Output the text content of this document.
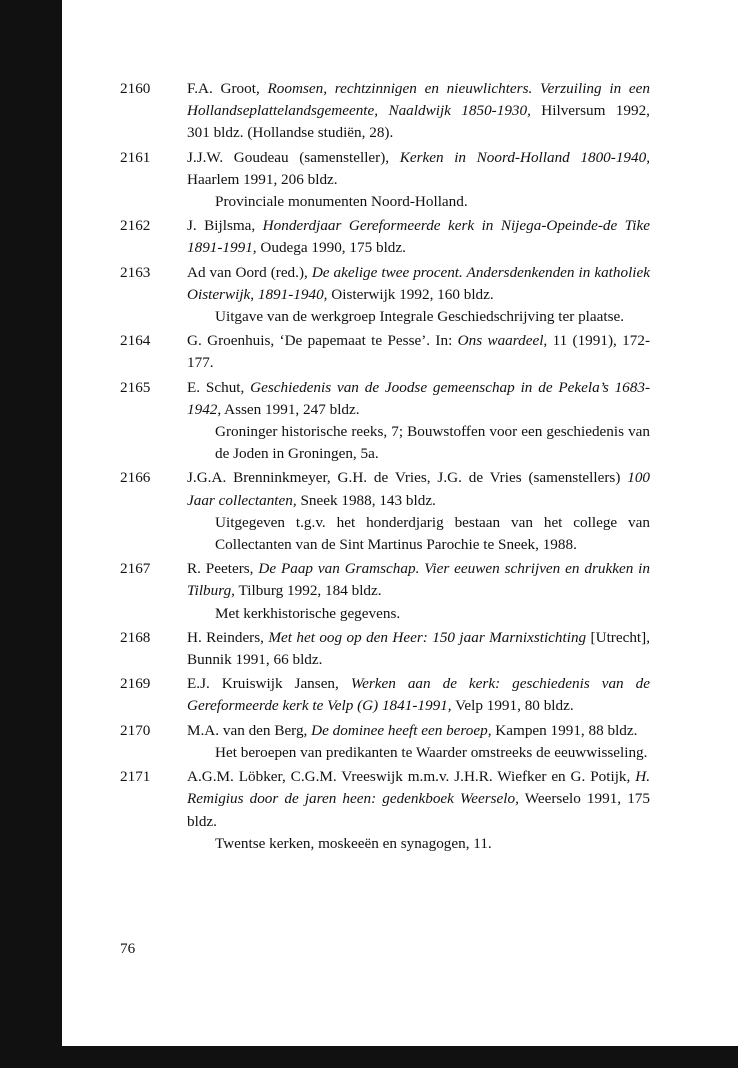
2160 F.A. Groot, Roomsen, rechtzinnigen en nieuwlichters. Verzuiling in een Hollandseplattelandsgemeente, Naaldwijk 1850-1930, Hilversum 1992, 301 bldz. (Hollandse studiën, 28).
2161 J.J.W. Goudeau (samensteller), Kerken in Noord-Holland 1800-1940, Haarlem 1991, 206 bldz.
Provinciale monumenten Noord-Holland.
2162 J. Bijlsma, Honderdjaar Gereformeerde kerk in Nijega-Opeinde-de Tike 1891-1991, Oudega 1990, 175 bldz.
2163 Ad van Oord (red.), De akelige twee procent. Andersdenkenden in katholiek Oisterwijk, 1891-1940, Oisterwijk 1992, 160 bldz.
Uitgave van de werkgroep Integrale Geschiedschrijving ter plaatse.
2164 G. Groenhuis, ‘De papemaat te Pesse’. In: Ons waardeel, 11 (1991), 172-177.
2165 E. Schut, Geschiedenis van de Joodse gemeenschap in de Pekela’s 1683-1942, Assen 1991, 247 bldz.
Groninger historische reeks, 7; Bouwstoffen voor een geschiedenis van de Joden in Groningen, 5a.
2166 J.G.A. Brenninkmeyer, G.H. de Vries, J.G. de Vries (samenstellers) 100 Jaar collectanten, Sneek 1988, 143 bldz.
Uitgegeven t.g.v. het honderdjarig bestaan van het college van Collectanten van de Sint Martinus Parochie te Sneek, 1988.
2167 R. Peeters, De Paap van Gramschap. Vier eeuwen schrijven en drukken in Tilburg, Tilburg 1992, 184 bldz.
Met kerkhistorische gegevens.
2168 H. Reinders, Met het oog op den Heer: 150 jaar Marnixstichting [Utrecht], Bunnik 1991, 66 bldz.
2169 E.J. Kruiswijk Jansen, Werken aan de kerk: geschiedenis van de Gereformeerde kerk te Velp (G) 1841-1991, Velp 1991, 80 bldz.
2170 M.A. van den Berg, De dominee heeft een beroep, Kampen 1991, 88 bldz.
Het beroepen van predikanten te Waarder omstreeks de eeuwwisseling.
2171 A.G.M. Löbker, C.G.M. Vreeswijk m.m.v. J.H.R. Wiefker en G. Potijk, H. Remigius door de jaren heen: gedenkboek Weerselo, Weerselo 1991, 175 bldz.
Twentse kerken, moskeeën en synagogen, 11.
76
